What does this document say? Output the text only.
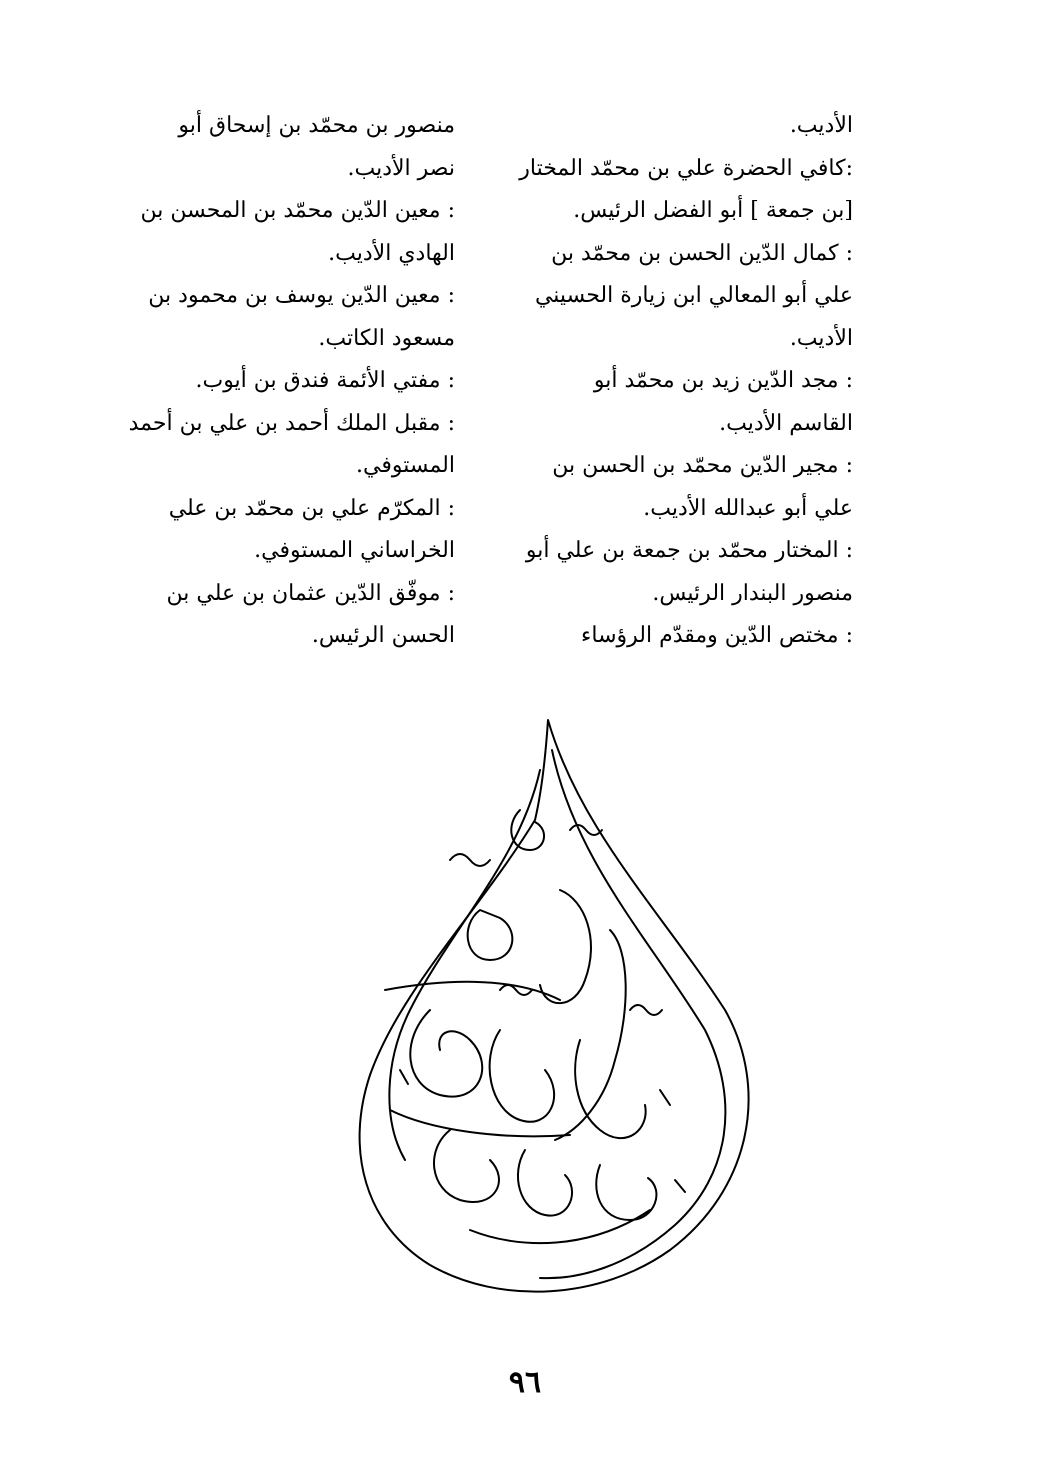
الأديب.
:كافي الحضرة علي بن محمّد المختار
[بن جمعة ] أبو الفضل الرئيس.
: كمال الدّين الحسن بن محمّد بن
علي أبو المعالي ابن زيارة الحسيني
الأديب.
: مجد الدّين زيد بن محمّد أبو
القاسم الأديب.
: مجير الدّين محمّد بن الحسن بن
علي أبو عبدالله الأديب.
: المختار محمّد بن جمعة بن علي أبو
منصور البندار الرئيس.
: مختص الدّين ومقدّم الرؤساء
منصور بن محمّد بن إسحاق أبو
نصر الأديب.
: معين الدّين محمّد بن المحسن بن
الهادي الأديب.
: معين الدّين يوسف بن محمود بن
مسعود الكاتب.
: مفتي الأئمة فندق بن أيوب.
: مقبل الملك أحمد بن علي بن أحمد
المستوفي.
: المكرّم علي بن محمّد بن علي
الخراساني المستوفي.
: موفّق الدّين عثمان بن علي بن
الحسن الرئيس.
٩٦
